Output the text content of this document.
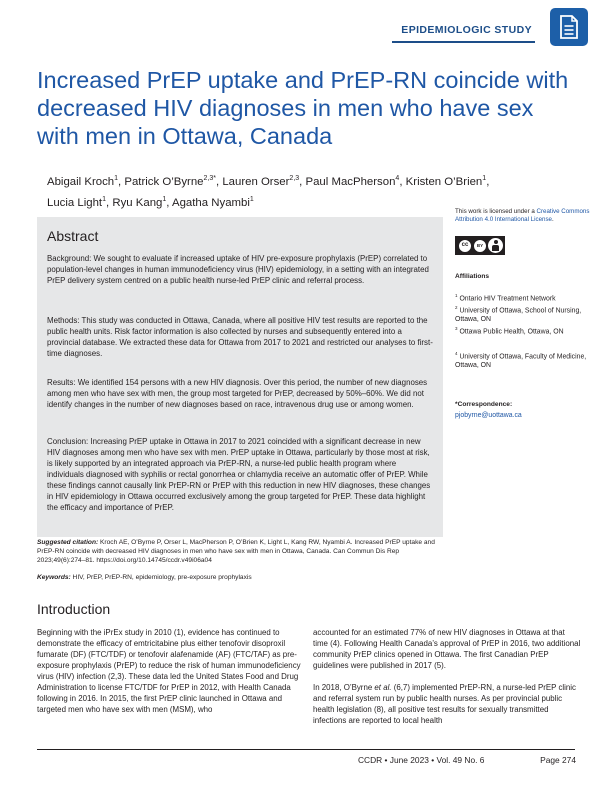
EPIDEMIOLOGIC STUDY
Increased PrEP uptake and PrEP-RN coincide with decreased HIV diagnoses in men who have sex with men in Ottawa, Canada
Abigail Kroch$^1$, Patrick O’Byrne$^{2,3*}$, Lauren Orser$^{2,3}$, Paul MacPherson$^4$, Kristen O’Brien$^1$,
Lucia Light$^1$, Ryu Kang$^1$, Agatha Nyambi$^1$
Abstract

Background: We sought to evaluate if increased uptake of HIV pre-exposure prophylaxis (PrEP) correlated to population-level changes in human immunodeficiency virus (HIV) epidemiology, in a setting with an integrated PrEP delivery system centred on a public health nurse-led PrEP clinic and referral process.

Methods: This study was conducted in Ottawa, Canada, where all positive HIV test results are reported to the public health units. Risk factor information is also collected by nurses and subsequently entered into a provincial database. We extracted these data for Ottawa from 2017 to 2021 and restricted our analyses to first-time diagnoses.

Results: We identified 154 persons with a new HIV diagnosis. Over this period, the number of new diagnoses among men who have sex with men, the group most targeted for PrEP, decreased by 50%–60%. We did not identify changes in the number of new diagnoses based on race, intravenous drug use or among women.

Conclusion: Increasing PrEP uptake in Ottawa in 2017 to 2021 coincided with a significant decrease in new HIV diagnoses among men who have sex with men. PrEP uptake in Ottawa, particularly by those most at risk, is likely supported by an integrated approach via PrEP-RN, a nurse-led public health program where individuals diagnosed with syphilis or rectal gonorrhea or chlamydia receive an automatic offer of PrEP. While these findings cannot causally link PrEP-RN or PrEP with this reduction in new HIV diagnoses, these changes in HIV epidemiology in Ottawa occurred exclusively among the group targeted for PrEP. These data highlight the efficacy and importance of PrEP.

This work is licensed under a Creative Commons Attribution 4.0 International License.
cc	BY
Affiliations
$^1$ Ontario HIV Treatment Network
$^2$ University of Ottawa, School of Nursing, Ottawa, ON
$^3$ Ottawa Public Health, Ottawa, ON
$^4$ University of Ottawa, Faculty of Medicine, Ottawa, ON
*Correspondence:
pjobyrne@uottawa.ca
Suggested citation: Kroch AE, O’Byrne P, Orser L, MacPherson P, O’Brien K, Light L, Kang RW, Nyambi A. Increased PrEP uptake and PrEP-RN coincide with decreased HIV diagnoses in men who have sex with men in Ottawa, Canada. Can Commun Dis Rep 2023;49(6):274–81. https://doi.org/10.14745/ccdr.v49i06a04
Keywords: HIV, PrEP, PrEP-RN, epidemiology, pre-exposure prophylaxis
Introduction

Beginning with the iPrEx study in 2010 (1), evidence has continued to demonstrate the efficacy of emtricitabine plus either tenofovir disoproxil fumarate (DF) (FTC/TDF) or tenofovir alafenamide (AF) (FTC/TAF) as pre-exposure prophylaxis (PrEP) to reduce the risk of human immunodeficiency virus (HIV) infection (2,3). These data led the United States Food and Drug Administration to license FTC/TDF for PrEP in 2012, with Health Canada following in 2016. In 2015, the first PrEP clinic launched in Ottawa and targeted men who have sex with men (MSM), who

accounted for an estimated 77% of new HIV diagnoses in Ottawa at that time (4). Following Health Canada’s approval of PrEP in 2016, two additional community PrEP clinics opened in Ottawa. The first Canadian PrEP guidelines were published in 2017 (5).

In 2018, O’Byrne et al. (6,7) implemented PrEP-RN, a nurse-led PrEP clinic and referral system run by public health nurses. As per provincial public health legislation (8), all positive test results for sexually transmitted infections are reported to local health

CCDR • June 2023 • Vol. 49 No. 6	Page 274
